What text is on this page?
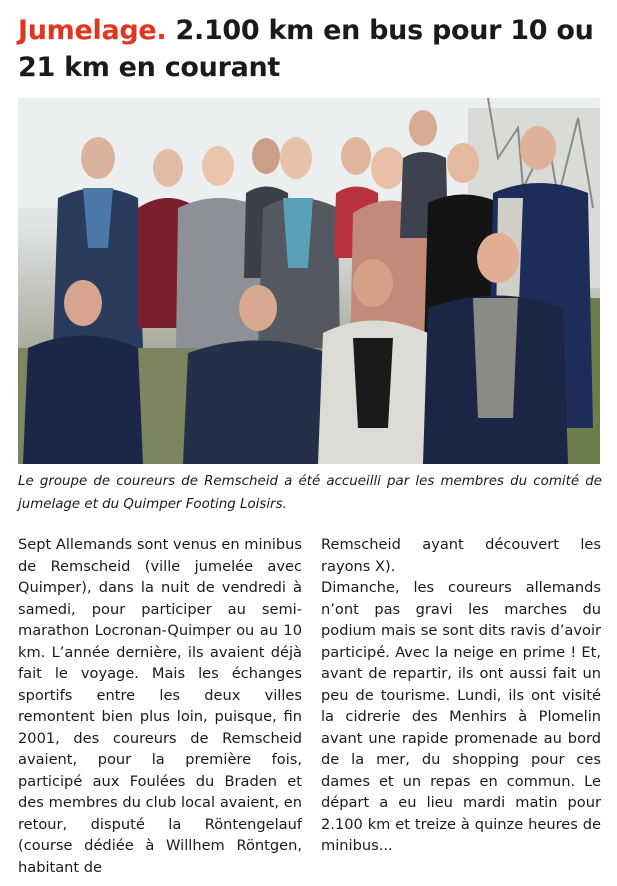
Jumelage. 2.100 km en bus pour 10 ou 21 km en courant
Le groupe de coureurs de Remscheid a été accueilli par les membres du comité de jumelage et du Quimper Footing Loisirs.

Sept Allemands sont venus en minibus de Remscheid (ville jumelée avec Quimper), dans la nuit de vendredi à samedi, pour participer au semi-marathon Locronan-Quimper ou au 10 km. L’année dernière, ils avaient déjà fait le voyage. Mais les échanges sportifs entre les deux villes remontent bien plus loin, puisque, fin 2001, des coureurs de Remscheid avaient, pour la première fois, participé aux Foulées du Braden et des membres du club local avaient, en retour, disputé la Röntengelauf (course dédiée à Willhem Röntgen, habitant de

Remscheid ayant découvert les rayons X).

Dimanche, les coureurs allemands n’ont pas gravi les marches du podium mais se sont dits ravis d’avoir participé. Avec la neige en prime ! Et, avant de repartir, ils ont aussi fait un peu de tourisme. Lundi, ils ont visité la cidrerie des Menhirs à Plomelin avant une rapide promenade au bord de la mer, du shopping pour ces dames et un repas en commun. Le départ a eu lieu mardi matin pour 2.100 km et treize à quinze heures de minibus...
